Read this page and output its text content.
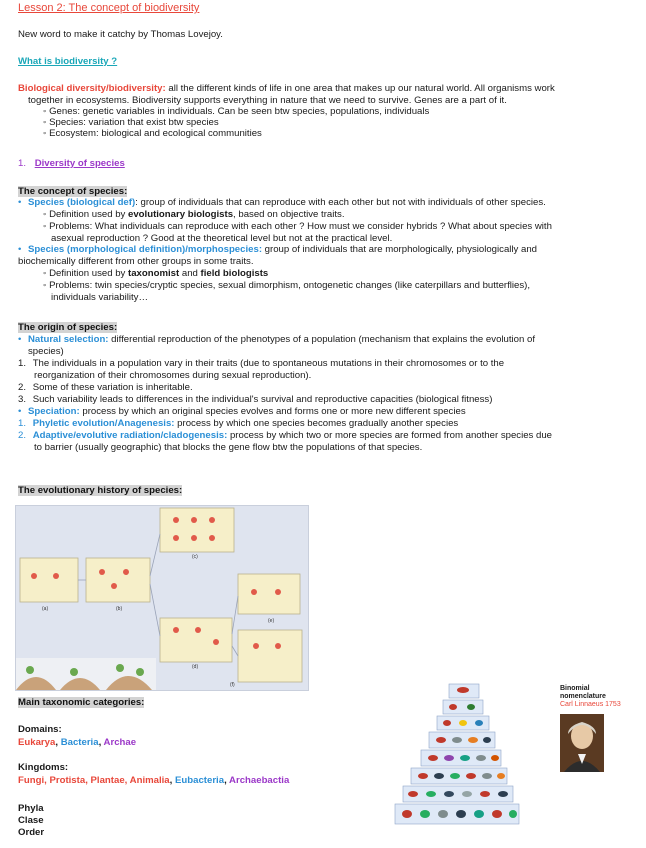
Lesson 2: The concept of biodiversity
New word to make it catchy by Thomas Lovejoy.
What is biodiversity ?
Biological diversity/biodiversity: all the different kinds of life in one area that makes up our natural world. All organisms work
together in ecosystems. Biodiversity supports everything in nature that we need to survive. Genes are a part of it.
◦ Genes: genetic variables in individuals. Can be seen btw species, populations, individuals
◦ Species: variation that exist btw species
◦ Ecosystem: biological and ecological communities
1. Diversity of species
The concept of species:
• Species (biological def): group of individuals that can reproduce with each other but not with individuals of other species.
◦ Definition used by evolutionary biologists, based on objective traits.
◦ Problems: What individuals can reproduce with each other ? How must we consider hybrids ? What about species with
asexual reproduction ? Good at the theoretical level but not at the practical level.
• Species (morphological definition)/morphospecies: group of individuals that are morphologically, physiologically and
biochemically different from other groups in some traits.
◦ Definition used by taxonomist and field biologists
◦ Problems: twin species/cryptic species, sexual dimorphism, ontogenetic changes (like caterpillars and butterflies),
individuals variability…
The origin of species:
• Natural selection: differential reproduction of the phenotypes of a population (mechanism that explains the evolution of
species)
1. The individuals in a population vary in their traits (due to spontaneous mutations in their chromosomes or to the
reorganization of their chromosomes during sexual reproduction).
2. Some of these variation is inheritable.
3. Such variability leads to differences in the individual's survival and reproductive capacities (biological fitness)
• Speciation: process by which an original species evolves and forms one or more new different species
1. Phyletic evolution/Anagenesis: process by which one species becomes gradually another species
2. Adaptive/evolutive radiation/cladogenesis: process by which two or more species are formed from another species due
to barrier (usually geographic) that blocks the gene flow btw the populations of that species.
The evolutionary history of species:
(a)	(b)
(c)
(d)
(e)
(f)
Main taxonomic categories:
Domains:
Eukarya, Bacteria, Archae
Kingdoms:
Fungi, Protista, Plantae, Animalia, Eubacteria, Archaebactia
Phyla
Clase
Order
Binomial
nomenclature
Carl Linnaeus 1753
